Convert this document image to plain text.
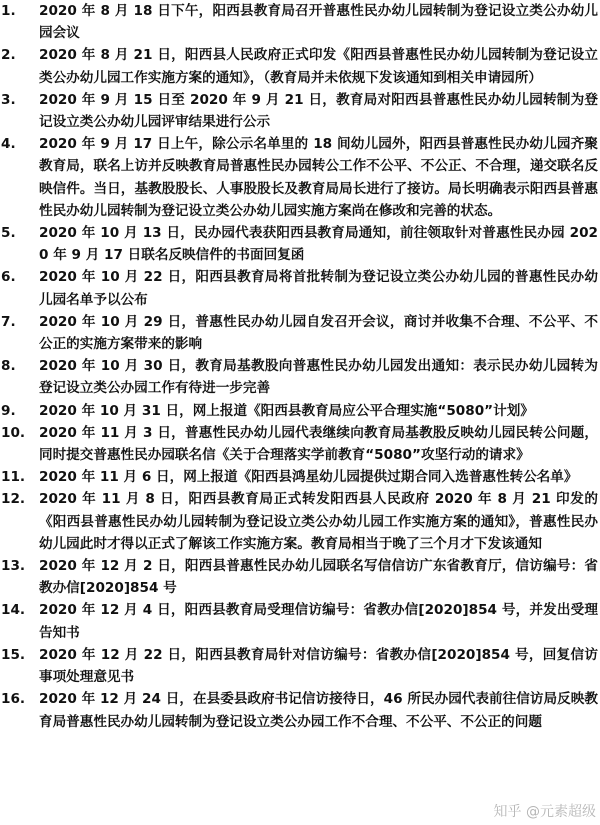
1.	2020 年 8 月 18 日下午，阳西县教育局召开普惠性民办幼儿园转制为登记设立类公办幼儿园会议
2.	2020 年 8 月 21 日，阳西县人民政府正式印发《阳西县普惠性民办幼儿园转制为登记设立类公办幼儿园工作实施方案的通知》，（教育局并未依规下发该通知到相关申请园所）
3.	2020 年 9 月 15 日至 2020 年 9 月 21 日，教育局对阳西县普惠性民办幼儿园转制为登记设立类公办幼儿园评审结果进行公示
4.	2020 年 9 月 17 日上午，除公示名单里的 18 间幼儿园外，阳西县普惠性民办幼儿园齐聚教育局，联名上访并反映教育局普惠性民办园转公工作不公平、不公正、不合理，递交联名反映信件。当日，基教股股长、人事股股长及教育局局长进行了接访。局长明确表示阳西县普惠性民办幼儿园转制为登记设立类公办幼儿园实施方案尚在修改和完善的状态。
5.	2020 年 10 月 13 日，民办园代表获阳西县教育局通知，前往领取针对普惠性民办园 2020 年 9 月 17 日联名反映信件的书面回复函
6.	2020 年 10 月 22 日，阳西县教育局将首批转制为登记设立类公办幼儿园的普惠性民办幼儿园名单予以公布
7.	2020 年 10 月 29 日，普惠性民办幼儿园自发召开会议，商讨并收集不合理、不公平、不公正的实施方案带来的影响
8.	2020 年 10 月 30 日，教育局基教股向普惠性民办幼儿园发出通知：表示民办幼儿园转为登记设立类公办园工作有待进一步完善
9.	2020 年 10 月 31 日，网上报道《阳西县教育局应公平合理实施“5080”计划》
10.	2020 年 11 月 3 日，普惠性民办幼儿园代表继续向教育局基教股反映幼儿园民转公问题，同时提交普惠性民办园联名信《关于合理落实学前教育“5080”攻坚行动的请求》
11.	2020 年 11 月 6 日，网上报道《阳西县鸿星幼儿园提供过期合同入选普惠性转公名单》
12.	2020 年 11 月 8 日，阳西县教育局正式转发阳西县人民政府 2020 年 8 月 21 印发的《阳西县普惠性民办幼儿园转制为登记设立类公办幼儿园工作实施方案的通知》，普惠性民办幼儿园此时才得以正式了解该工作实施方案。教育局相当于晚了三个月才下发该通知
13.	2020 年 12 月 2 日，阳西县普惠性民办幼儿园联名写信信访广东省教育厅，信访编号：省教办信[2020]854 号
14.	2020 年 12 月 4 日，阳西县教育局受理信访编号：省教办信[2020]854 号，并发出受理告知书
15.	2020 年 12 月 22 日，阳西县教育局针对信访编号：省教办信[2020]854 号，回复信访事项处理意见书
16.	2020 年 12 月 24 日，在县委县政府书记信访接待日，46 所民办园代表前往信访局反映教育局普惠性民办幼儿园转制为登记设立类公办园工作不合理、不公平、不公正的问题
知乎 @元素超级
